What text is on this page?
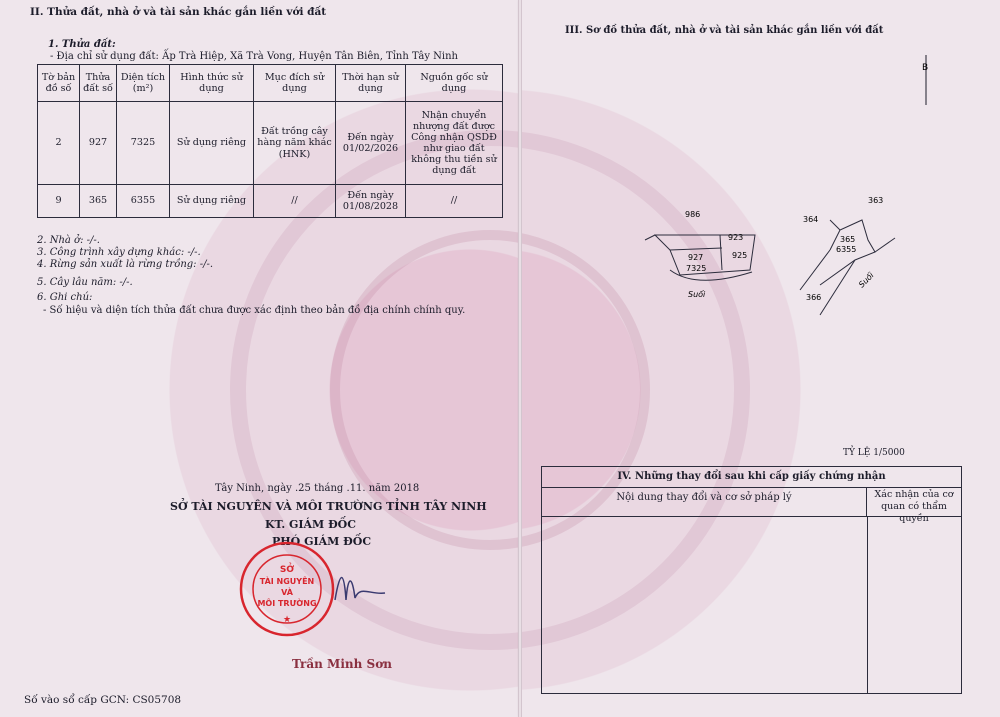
II. Thửa đất, nhà ở và tài sản khác gắn liền với đất
1. Thửa đất:
- Địa chỉ sử dụng đất: Ấp Trà Hiệp, Xã Trà Vong, Huyện Tân Biên, Tỉnh Tây Ninh
Tờ bản đồ số	Thửa đất số	Diện tích (m²)	Hình thức sử dụng	Mục đích sử dụng	Thời hạn sử dụng	Nguồn gốc sử dụng
2	927	7325	Sử dụng riêng	Đất trồng cây hàng năm khác (HNK)	Đến ngày 01/02/2026	Nhận chuyển nhượng đất được Công nhận QSDĐ như giao đất không thu tiền sử dụng đất
9	365	6355	Sử dụng riêng	//	Đến ngày 01/08/2028	//
2. Nhà ở: -/-.
3. Công trình xây dựng khác: -/-.
4. Rừng sản xuất là rừng trồng: -/-.
5. Cây lâu năm: -/-.
6. Ghi chú:
- Số hiệu và diện tích thửa đất chưa được xác định theo bản đồ địa chính chính quy.
Tây Ninh, ngày .25 tháng .11. năm 2018
SỞ TÀI NGUYÊN VÀ MÔI TRƯỜNG TỈNH TÂY NINH
KT. GIÁM ĐỐC
PHÓ GIÁM ĐỐC
SỞ
TÀI NGUYÊN
VÀ
MÔI TRƯỜNG
★
Trần Minh Sơn
Số vào sổ cấp GCN: CS05708
III. Sơ đồ thửa đất, nhà ở và tài sản khác gắn liền với đất
B
986
923
927
7325
925
Suối
364
363
365
6355
366
Suối
TỶ LỆ 1/5000
IV. Những thay đổi sau khi cấp giấy chứng nhận
Nội dung thay đổi và cơ sở pháp lý	Xác nhận của cơ quan có thẩm quyền
